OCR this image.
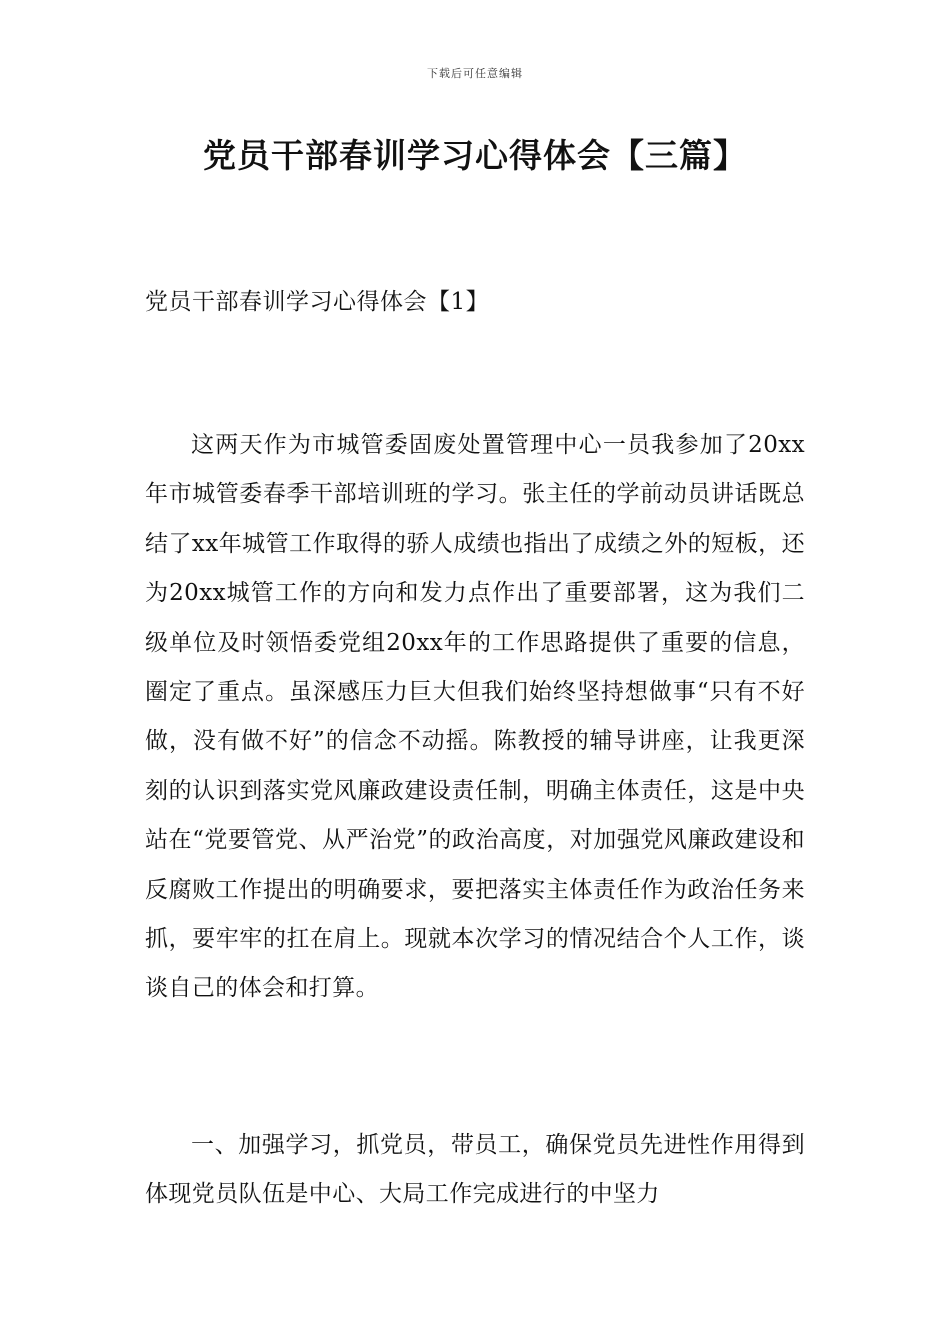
下载后可任意编辑
党员干部春训学习心得体会【三篇】
党员干部春训学习心得体会【1】

这两天作为市城管委固废处置管理中心一员我参加了20xx年市城管委春季干部培训班的学习。张主任的学前动员讲话既总结了xx年城管工作取得的骄人成绩也指出了成绩之外的短板，还为20xx城管工作的方向和发力点作出了重要部署，这为我们二级单位及时领悟委党组20xx年的工作思路提供了重要的信息，圈定了重点。虽深感压力巨大但我们始终坚持想做事“只有不好做，没有做不好”的信念不动摇。陈教授的辅导讲座，让我更深刻的认识到落实党风廉政建设责任制，明确主体责任，这是中央站在“党要管党、从严治党”的政治高度，对加强党风廉政建设和反腐败工作提出的明确要求，要把落实主体责任作为政治任务来抓，要牢牢的扛在肩上。现就本次学习的情况结合个人工作，谈谈自己的体会和打算。

一、加强学习，抓党员，带员工，确保党员先进性作用得到体现党员队伍是中心、大局工作完成进行的中坚力
